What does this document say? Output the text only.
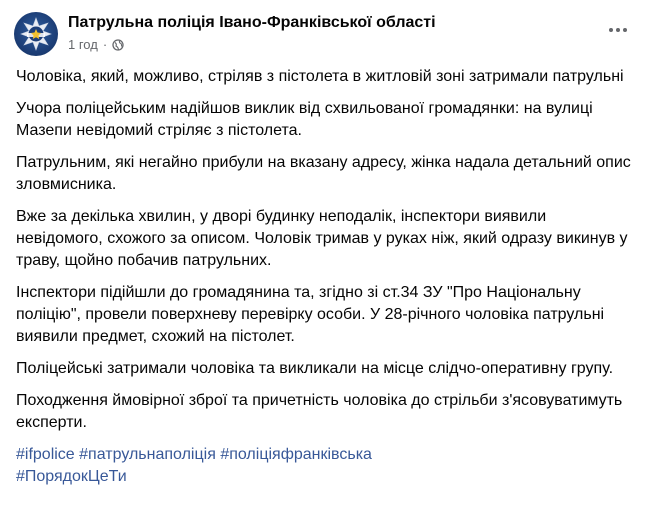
Патрульна поліція Івано-Франківської області
1 год ·

Чоловіка, який, можливо, стріляв з пістолета в житловій зоні затримали патрульні

Учора поліцейським надійшов виклик від схвильованої громадянки: на вулиці Мазепи невідомий стріляє з пістолета.

Патрульним, які негайно прибули на вказану адресу, жінка надала детальний опис зловмисника.

Вже за декілька хвилин, у дворі будинку неподалік, інспектори виявили невідомого, схожого за описом. Чоловік тримав у руках ніж, який одразу викинув у траву, щойно побачив патрульних.

Інспектори підійшли до громадянина та, згідно зі ст.34 ЗУ "Про Національну поліцію", провели поверхневу перевірку особи. У 28-річного чоловіка патрульні виявили предмет, схожий на пістолет.

Поліцейські затримали чоловіка та викликали на місце слідчо-оперативну групу.

Походження ймовірної зброї та причетність чоловіка до стрільби з'ясовуватимуть експерти.

#ifpolice #патрульнаполіція #поліціяфранківська
#ПорядокЦеТи
